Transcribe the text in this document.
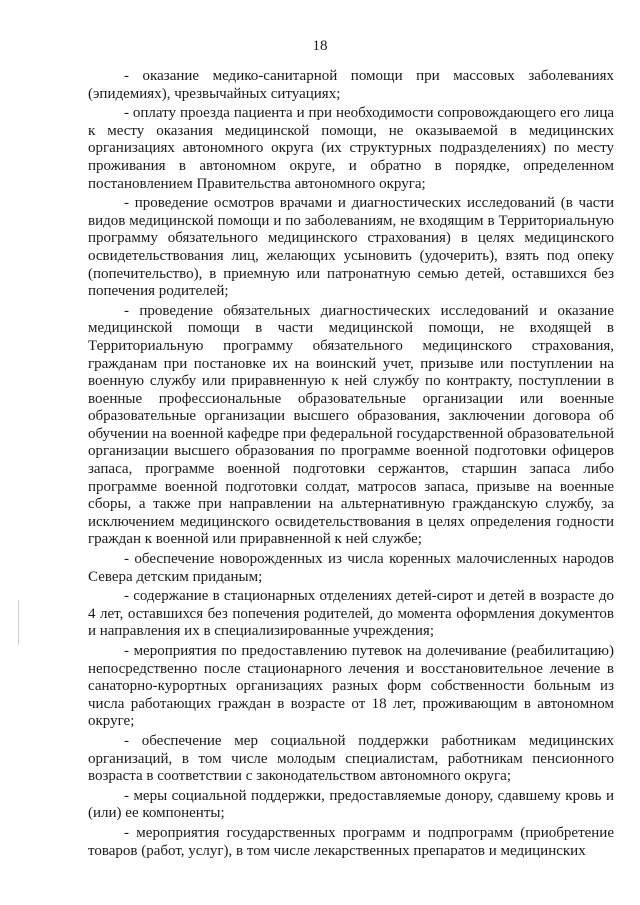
18

- оказание медико-санитарной помощи при массовых заболеваниях (эпидемиях), чрезвычайных ситуациях;

- оплату проезда пациента и при необходимости сопровождающего его лица к месту оказания медицинской помощи, не оказываемой в медицинских организациях автономного округа (их структурных подразделениях) по месту проживания в автономном округе, и обратно в порядке, определенном постановлением Правительства автономного округа;

- проведение осмотров врачами и диагностических исследований (в части видов медицинской помощи и по заболеваниям, не входящим в Территориальную программу обязательного медицинского страхования) в целях медицинского освидетельствования лиц, желающих усыновить (удочерить), взять под опеку (попечительство), в приемную или патронатную семью детей, оставшихся без попечения родителей;

- проведение обязательных диагностических исследований и оказание медицинской помощи в части медицинской помощи, не входящей в Территориальную программу обязательного медицинского страхования, гражданам при постановке их на воинский учет, призыве или поступлении на военную службу или приравненную к ней службу по контракту, поступлении в военные профессиональные образовательные организации или военные образовательные организации высшего образования, заключении договора об обучении на военной кафедре при федеральной государственной образовательной организации высшего образования по программе военной подготовки офицеров запаса, программе военной подготовки сержантов, старшин запаса либо программе военной подготовки солдат, матросов запаса, призыве на военные сборы, а также при направлении на альтернативную гражданскую службу, за исключением медицинского освидетельствования в целях определения годности граждан к военной или приравненной к ней службе;

- обеспечение новорожденных из числа коренных малочисленных народов Севера детским приданым;

- содержание в стационарных отделениях детей-сирот и детей в возрасте до 4 лет, оставшихся без попечения родителей, до момента оформления документов и направления их в специализированные учреждения;

- мероприятия по предоставлению путевок на долечивание (реабилитацию) непосредственно после стационарного лечения и восстановительное лечение в санаторно-курортных организациях разных форм собственности больным из числа работающих граждан в возрасте от 18 лет, проживающим в автономном округе;

- обеспечение мер социальной поддержки работникам медицинских организаций, в том числе молодым специалистам, работникам пенсионного возраста в соответствии с законодательством автономного округа;

- меры социальной поддержки, предоставляемые донору, сдавшему кровь и (или) ее компоненты;

- мероприятия государственных программ и подпрограмм (приобретение товаров (работ, услуг), в том числе лекарственных препаратов и медицинских
